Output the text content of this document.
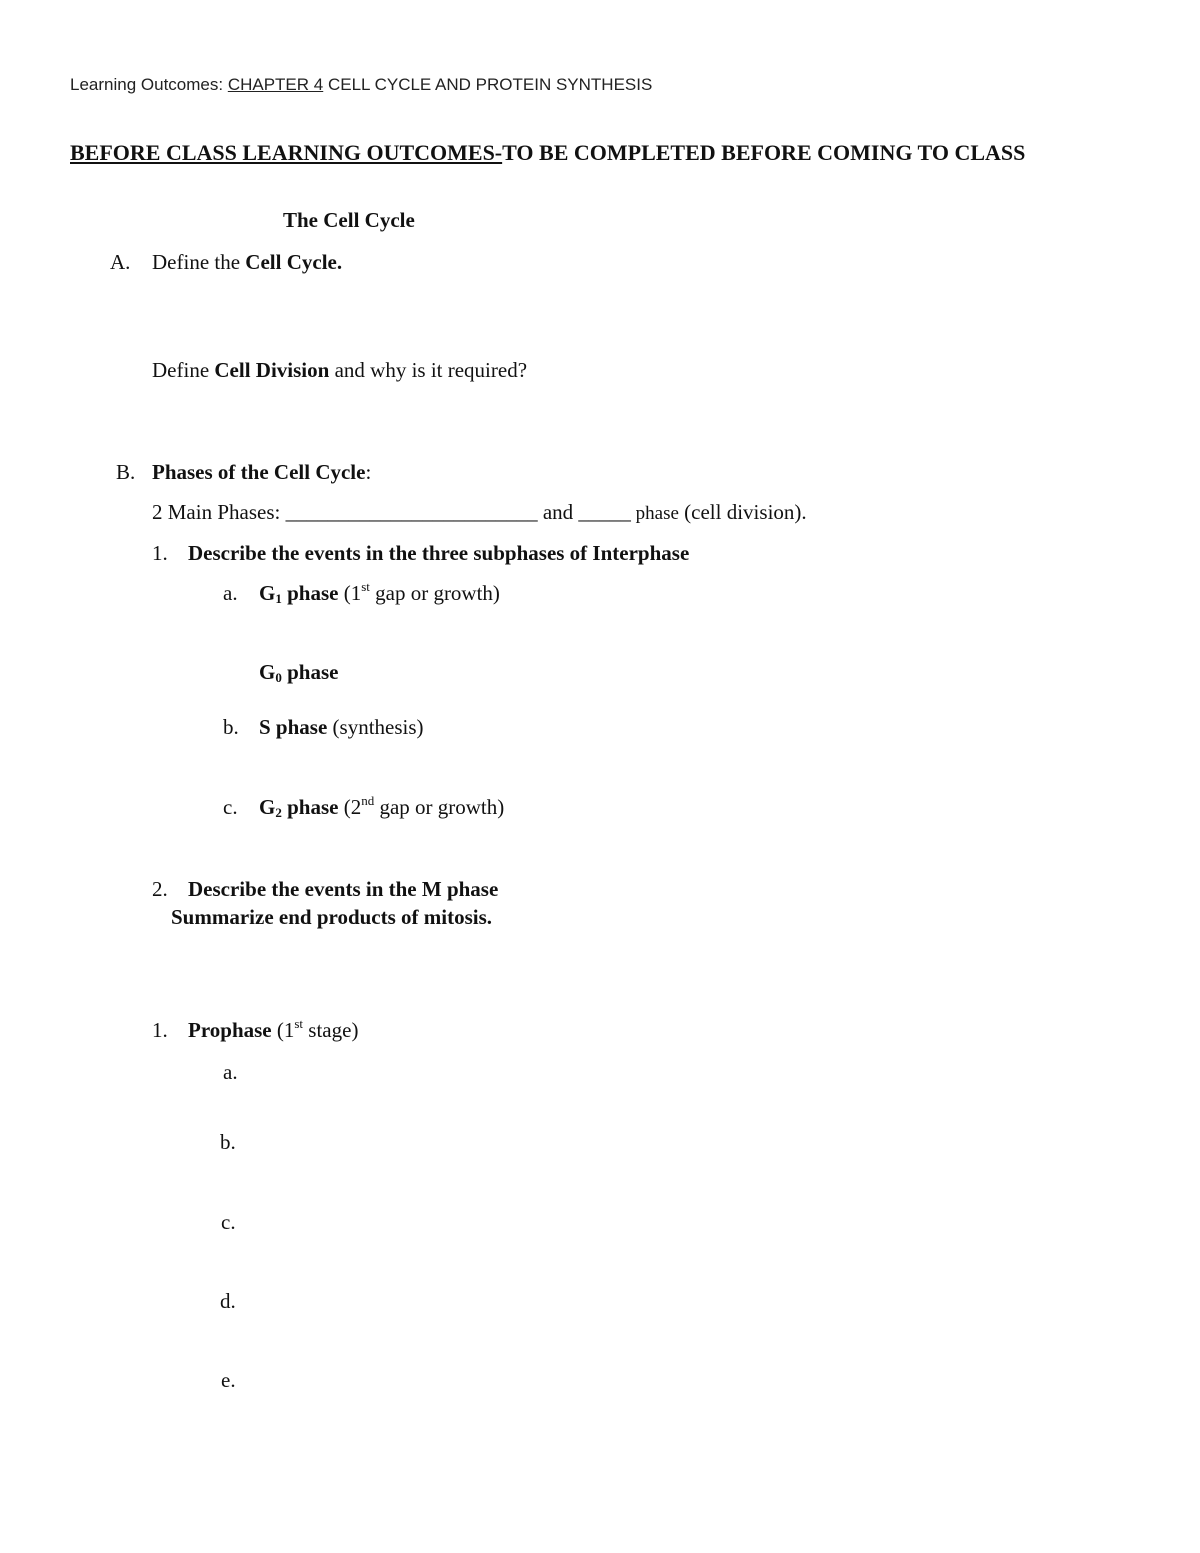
Learning Outcomes: CHAPTER 4 CELL CYCLE AND PROTEIN SYNTHESIS
BEFORE CLASS LEARNING OUTCOMES-TO BE COMPLETED BEFORE COMING TO CLASS
The Cell Cycle
A. Define the Cell Cycle.
Define Cell Division and why is it required?
B. Phases of the Cell Cycle:
2 Main Phases: ________________________ and _____ phase (cell division).
1. Describe the events in the three subphases of Interphase
a. $G_1$ phase (1st gap or growth)
$G_0$ phase
b. S phase (synthesis)
c. $G_2$ phase (2nd gap or growth)
2. Describe the events in the M phase
Summarize end products of mitosis.
1. Prophase (1st stage)
a.
b.
c.
d.
e.
